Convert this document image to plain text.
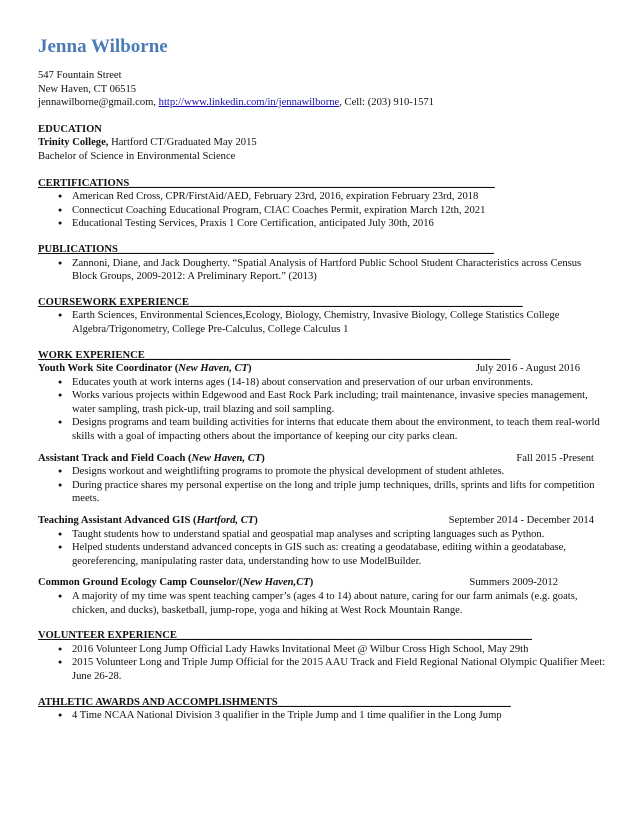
Jenna Wilborne

547 Fountain Street

New Haven, CT 06515

jennawilborne@gmail.com, http://www.linkedin.com/in/jennawilborne, Cell: (203) 910-1571

EDUCATION

Trinity College, Hartford CT/Graduated May 2015

Bachelor of Science in Environmental Science

CERTIFICATIONS_____________________________________________________________________

● American Red Cross, CPR/FirstAid/AED, February 23rd, 2016, expiration February 23rd, 2018
● Connecticut Coaching Educational Program, CIAC Coaches Permit, expiration March 12th, 2021
● Educational Testing Services, Praxis 1 Core Certification, anticipated July 30th, 2016

PUBLICATIONS_______________________________________________________________________

● Zannoni, Diane, and Jack Dougherty. “Spatial Analysis of Hartford Public School Student Characteristics across Census Block Groups, 2009-2012: A Preliminary Report.” (2013)

COURSEWORK EXPERIENCE_______________________________________________________________

● Earth Sciences, Environmental Sciences,Ecology, Biology, Chemistry, Invasive Biology, College Statistics College Algebra/Trigonometry, College Pre-Calculus, College Calculus 1

WORK EXPERIENCE_____________________________________________________________________

Youth Work Site Coordinator (New Haven, CT)	July 2016 - August 2016
● Educates youth at work interns ages (14-18) about conservation and preservation of our urban environments.
● Works various projects within Edgewood and East Rock Park including; trail maintenance, invasive species management, water sampling, trash pick-up, trail blazing and soil sampling.
● Designs programs and team building activities for interns that educate them about the environment, to teach them real-world skills with a goal of impacting others about the importance of keeping our city parks clean.
Assistant Track and Field Coach (New Haven, CT)	Fall 2015 -Present
● Designs workout and weightlifting programs to promote the physical development of student athletes.
● During practice shares my personal expertise on the long and triple jump techniques, drills, sprints and lifts for competition meets.
Teaching Assistant Advanced GIS (Hartford, CT)	September 2014 - December 2014
● Taught students how to understand spatial and geospatial map analyses and scripting languages such as Python.
● Helped students understand advanced concepts in GIS such as: creating a geodatabase, editing within a geodatabase, georeferencing, manipulating raster data, understanding how to use ModelBuilder.
Common Ground Ecology Camp Counselor/(New Haven,CT)	Summers 2009-2012
● A majority of my time was spent teaching camper’s (ages 4 to 14) about nature, caring for our farm animals (e.g. goats, chicken, and ducks), basketball, jump-rope, yoga and hiking at West Rock Mountain Range.

VOLUNTEER EXPERIENCE___________________________________________________________________

● 2016 Volunteer Long Jump Official Lady Hawks Invitational Meet @ Wilbur Cross High School, May 29th
● 2015 Volunteer Long and Triple Jump Official for the 2015 AAU Track and Field Regional National Olympic Qualifier Meet: June 26-28.

ATHLETIC AWARDS AND ACCOMPLISHMENTS____________________________________________

● 4 Time NCAA National Division 3 qualifier in the Triple Jump and 1 time qualifier in the Long Jump
